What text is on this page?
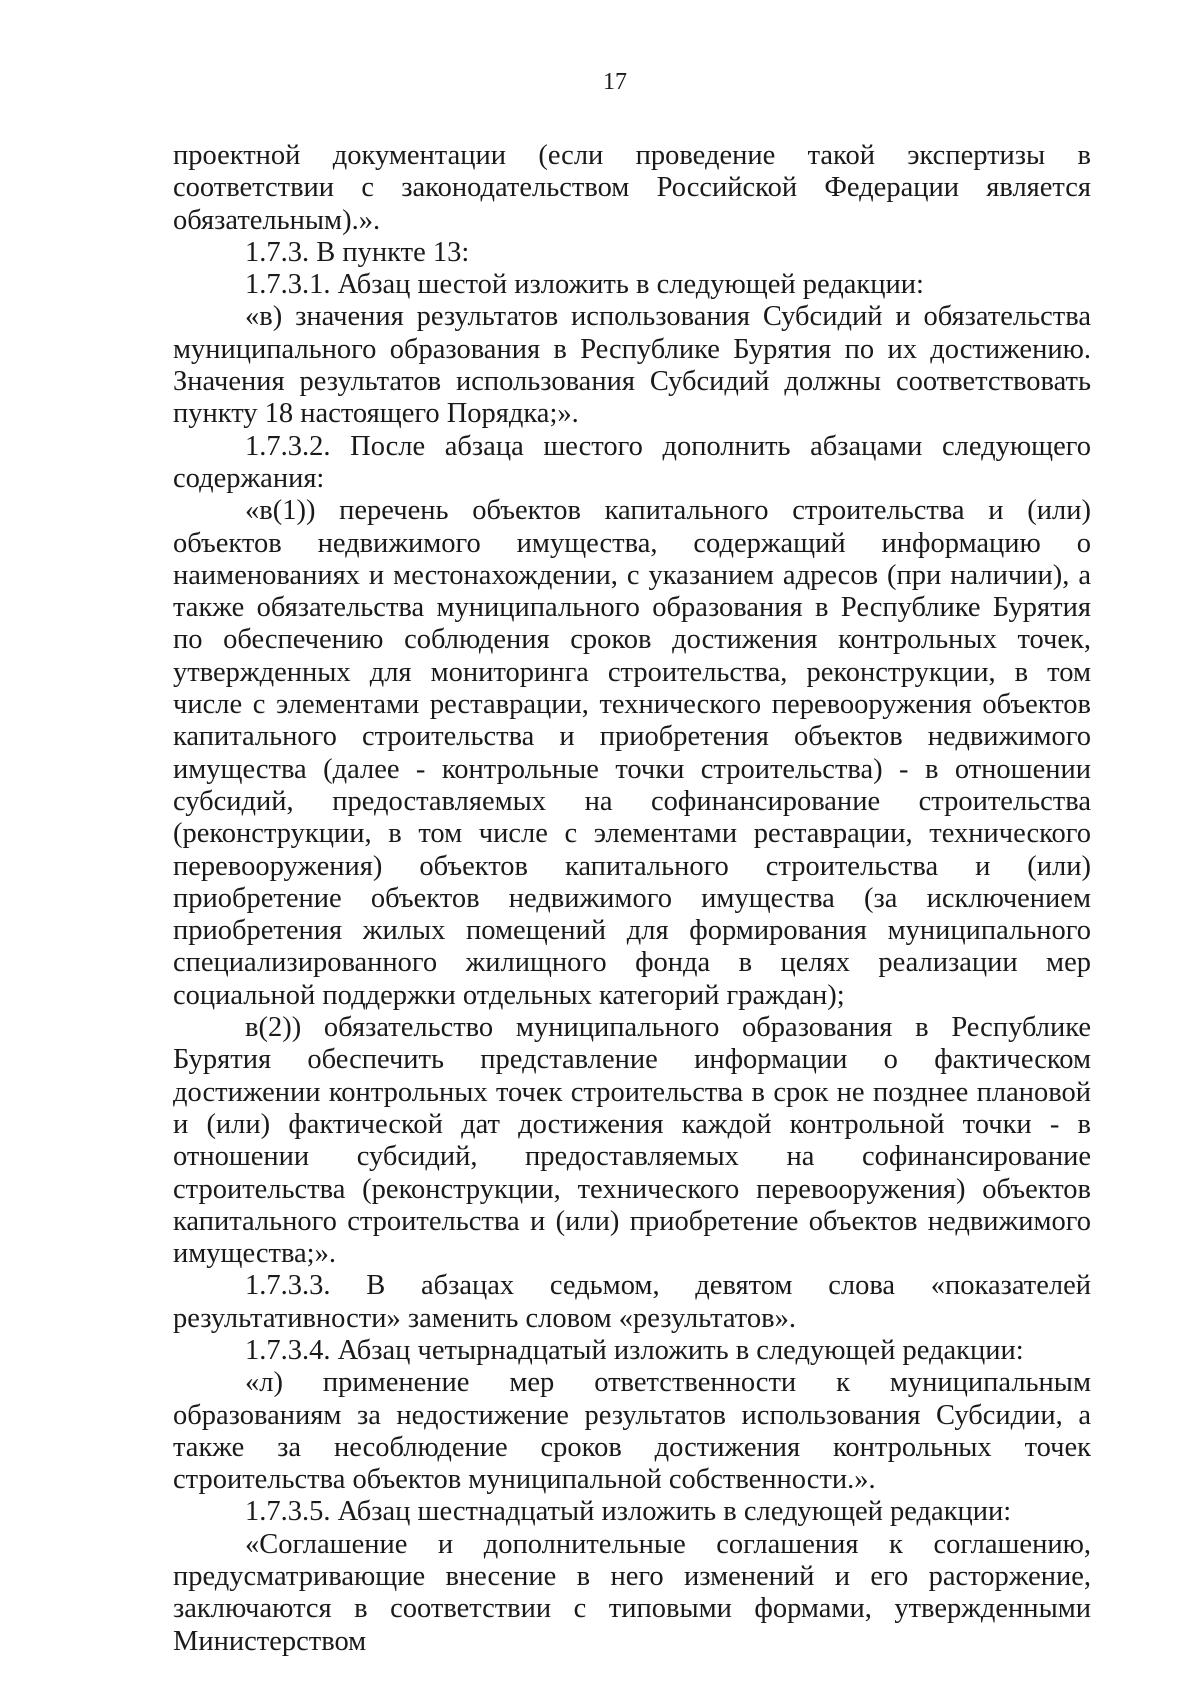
17

проектной документации (если проведение такой экспертизы в соответствии с законодательством Российской Федерации является обязательным).».

1.7.3. В пункте 13:

1.7.3.1. Абзац шестой изложить в следующей редакции:

«в) значения результатов использования Субсидий и обязательства муниципального образования в Республике Бурятия по их достижению. Значения результатов использования Субсидий должны соответствовать пункту 18 настоящего Порядка;».

1.7.3.2. После абзаца шестого дополнить абзацами следующего содержания:

«в(1)) перечень объектов капитального строительства и (или) объектов недвижимого имущества, содержащий информацию о наименованиях и местонахождении, с указанием адресов (при наличии), а также обязательства муниципального образования в Республике Бурятия по обеспечению соблюдения сроков достижения контрольных точек, утвержденных для мониторинга строительства, реконструкции, в том числе с элементами реставрации, технического перевооружения объектов капитального строительства и приобретения объектов недвижимого имущества (далее - контрольные точки строительства) - в отношении субсидий, предоставляемых на софинансирование строительства (реконструкции, в том числе с элементами реставрации, технического перевооружения) объектов капитального строительства и (или) приобретение объектов недвижимого имущества (за исключением приобретения жилых помещений для формирования муниципального специализированного жилищного фонда в целях реализации мер социальной поддержки отдельных категорий граждан);

в(2)) обязательство муниципального образования в Республике Бурятия обеспечить представление информации о фактическом достижении контрольных точек строительства в срок не позднее плановой и (или) фактической дат достижения каждой контрольной точки - в отношении субсидий, предоставляемых на софинансирование строительства (реконструкции, технического перевооружения) объектов капитального строительства и (или) приобретение объектов недвижимого имущества;».

1.7.3.3. В абзацах седьмом, девятом слова «показателей результативности» заменить словом «результатов».

1.7.3.4. Абзац четырнадцатый изложить в следующей редакции:

«л) применение мер ответственности к муниципальным образованиям за недостижение результатов использования Субсидии, а также за несоблюдение сроков достижения контрольных точек строительства объектов муниципальной собственности.».

1.7.3.5. Абзац шестнадцатый изложить в следующей редакции:

«Соглашение и дополнительные соглашения к соглашению, предусматривающие внесение в него изменений и его расторжение, заключаются в соответствии с типовыми формами, утвержденными Министерством
